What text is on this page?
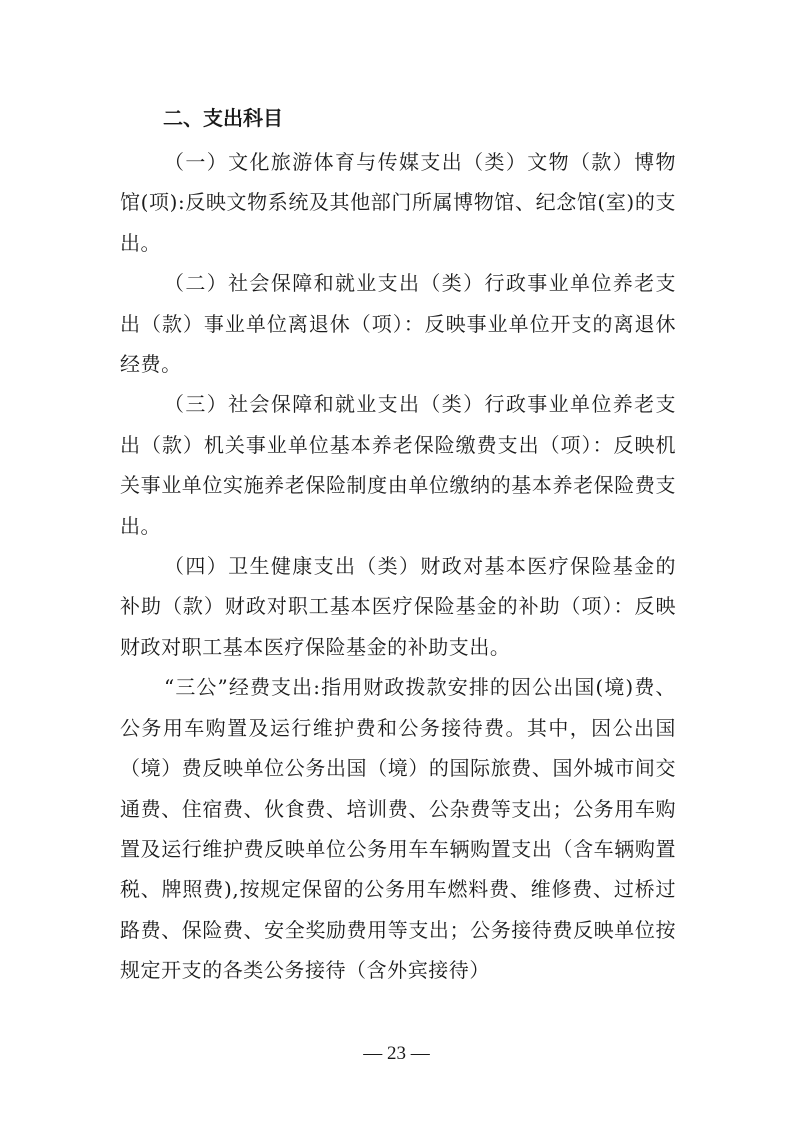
二、支出科目

（一）文化旅游体育与传媒支出（类）文物（款）博物馆(项):反映文物系统及其他部门所属博物馆、纪念馆(室)的支出。

（二）社会保障和就业支出（类）行政事业单位养老支出（款）事业单位离退休（项）：反映事业单位开支的离退休经费。

（三）社会保障和就业支出（类）行政事业单位养老支出（款）机关事业单位基本养老保险缴费支出（项）：反映机关事业单位实施养老保险制度由单位缴纳的基本养老保险费支出。

（四）卫生健康支出（类）财政对基本医疗保险基金的补助（款）财政对职工基本医疗保险基金的补助（项）：反映财政对职工基本医疗保险基金的补助支出。

“三公”经费支出:指用财政拨款安排的因公出国(境)费、公务用车购置及运行维护费和公务接待费。其中，因公出国（境）费反映单位公务出国（境）的国际旅费、国外城市间交通费、住宿费、伙食费、培训费、公杂费等支出；公务用车购置及运行维护费反映单位公务用车车辆购置支出（含车辆购置税、牌照费),按规定保留的公务用车燃料费、维修费、过桥过路费、保险费、安全奖励费用等支出；公务接待费反映单位按规定开支的各类公务接待（含外宾接待）

— 23 —
